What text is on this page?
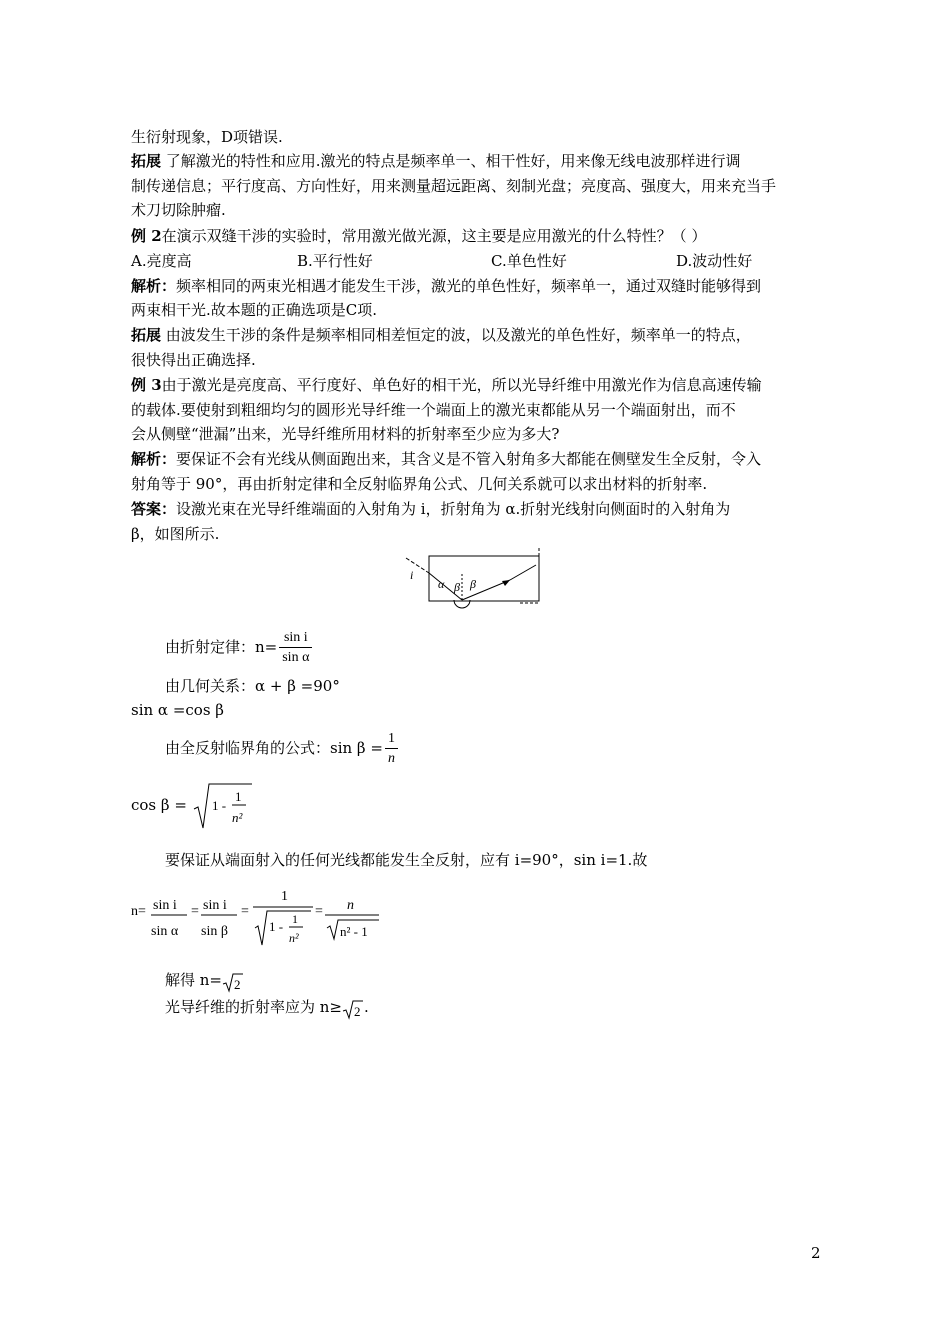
生衍射现象，D项错误.
拓展 了解激光的特性和应用.激光的特点是频率单一、相干性好，用来像无线电波那样进行调
制传递信息；平行度高、方向性好，用来测量超远距离、刻制光盘；亮度高、强度大，用来充当手
术刀切除肿瘤.
例 2在演示双缝干涉的实验时，常用激光做光源，这主要是应用激光的什么特性？（ ）
A.亮度高	B.平行性好	C.单色性好	D.波动性好
解析：频率相同的两束光相遇才能发生干涉，激光的单色性好，频率单一，通过双缝时能够得到
两束相干光.故本题的正确选项是C项.
拓展 由波发生干涉的条件是频率相同相差恒定的波，以及激光的单色性好，频率单一的特点，
很快得出正确选择.
例 3由于激光是亮度高、平行度好、单色好的相干光，所以光导纤维中用激光作为信息高速传输
的载体.要使射到粗细均匀的圆形光导纤维一个端面上的激光束都能从另一个端面射出，而不
会从侧壁“泄漏”出来，光导纤维所用材料的折射率至少应为多大?
解析：要保证不会有光线从侧面跑出来，其含义是不管入射角多大都能在侧壁发生全反射，令入
射角等于 90°，再由折射定律和全反射临界角公式、几何关系就可以求出材料的折射率.
答案：设激光束在光导纤维端面的入射角为 i，折射角为 α.折射光线射向侧面时的入射角为
β，如图所示.
i
α β β
由折射定律：$n= \frac{\text{sin i}}{\text{sin α}}$
由几何关系：α + β =90°
sin α =cos β
由全反射临界角的公式：$\sin \beta = \frac{1}{n}$
cos β = 1 -
1
n²
要保证从端面射入的任何光线都能发生全反射，应有 i=90°，sin i=1.故
n= sin i
sin α
= sin i
sin β
=
1
1 - 1
n²
= n
n² - 1
解得 n= 2
光导纤维的折射率应为 n≥ 2 .
2
